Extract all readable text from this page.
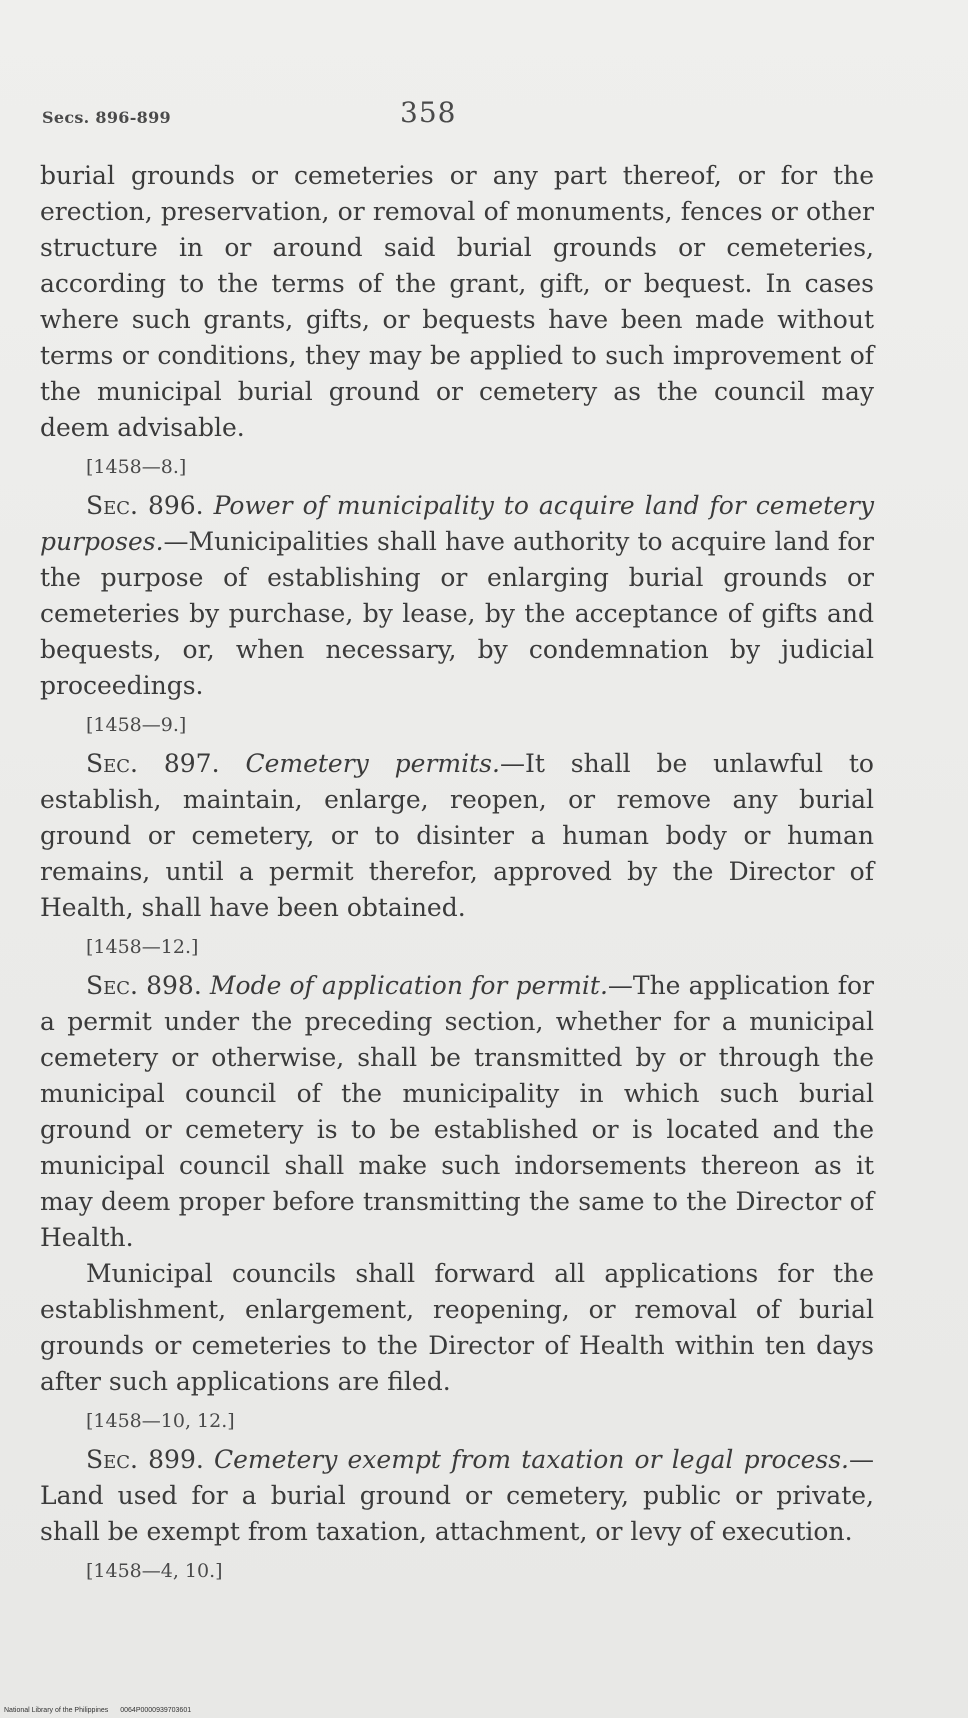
Secs. 896-899	358

burial grounds or cemeteries or any part thereof, or for the erection, preservation, or removal of monuments, fences or other structure in or around said burial grounds or cemeteries, according to the terms of the grant, gift, or bequest. In cases where such grants, gifts, or bequests have been made without terms or conditions, they may be applied to such improvement of the municipal burial ground or cemetery as the council may deem advisable.

[1458—8.]

Sec. 896. Power of municipality to acquire land for cemetery purposes.—Municipalities shall have authority to acquire land for the purpose of establishing or enlarging burial grounds or cemeteries by purchase, by lease, by the acceptance of gifts and bequests, or, when necessary, by condemnation by judicial proceedings.

[1458—9.]

Sec. 897. Cemetery permits.—It shall be unlawful to establish, maintain, enlarge, reopen, or remove any burial ground or cemetery, or to disinter a human body or human remains, until a permit therefor, approved by the Director of Health, shall have been obtained.

[1458—12.]

Sec. 898. Mode of application for permit.—The application for a permit under the preceding section, whether for a municipal cemetery or otherwise, shall be transmitted by or through the municipal council of the municipality in which such burial ground or cemetery is to be established or is located and the municipal council shall make such indorsements thereon as it may deem proper before transmitting the same to the Director of Health.

Municipal councils shall forward all applications for the establishment, enlargement, reopening, or removal of burial grounds or cemeteries to the Director of Health within ten days after such applications are filed.

[1458—10, 12.]

Sec. 899. Cemetery exempt from taxation or legal process.—Land used for a burial ground or cemetery, public or private, shall be exempt from taxation, attachment, or levy of execution.

[1458—4, 10.]

National Library of the Philippines 0064P0000939703601
